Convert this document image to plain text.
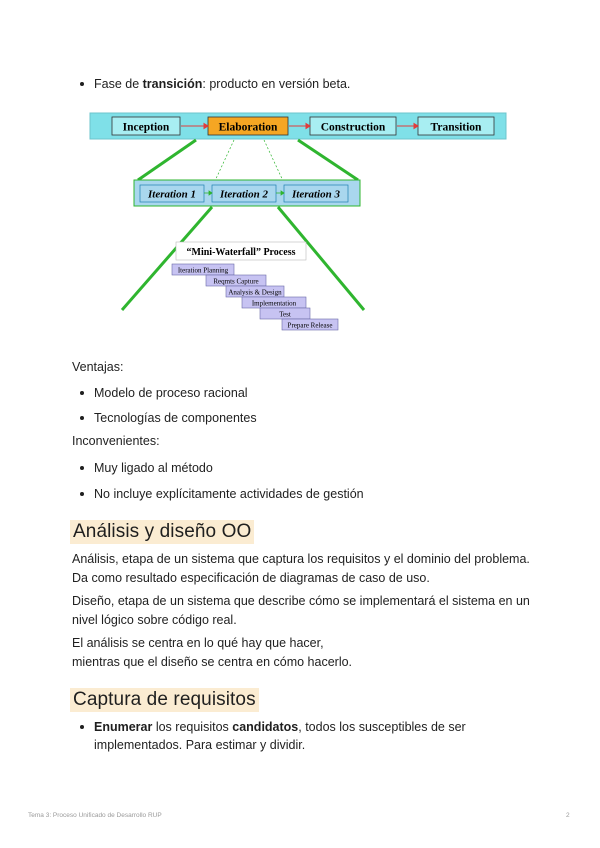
Fase de transición: producto en versión beta.
Inception	Elaboration	Construction	Transition
Iteration 1 Iteration 2 Iteration 3
“Mini-Waterfall” Process
Iteration Planning
Reqmts Capture
Analysis & Design
Implementation
Test
Prepare Release
Ventajas:
Modelo de proceso racional
Tecnologías de componentes
Inconvenientes:
Muy ligado al método
No incluye explícitamente actividades de gestión
Análisis y diseño OO
Análisis, etapa de un sistema que captura los requisitos y el dominio del problema. Da como resultado especificación de diagramas de caso de uso.
Diseño, etapa de un sistema que describe cómo se implementará el sistema en un nivel lógico sobre código real.
El análisis se centra en lo qué hay que hacer,
mientras que el diseño se centra en cómo hacerlo.
Captura de requisitos
Enumerar los requisitos candidatos, todos los susceptibles de ser implementados. Para estimar y dividir.
Tema 3: Proceso Unificado de Desarrollo RUP	2
